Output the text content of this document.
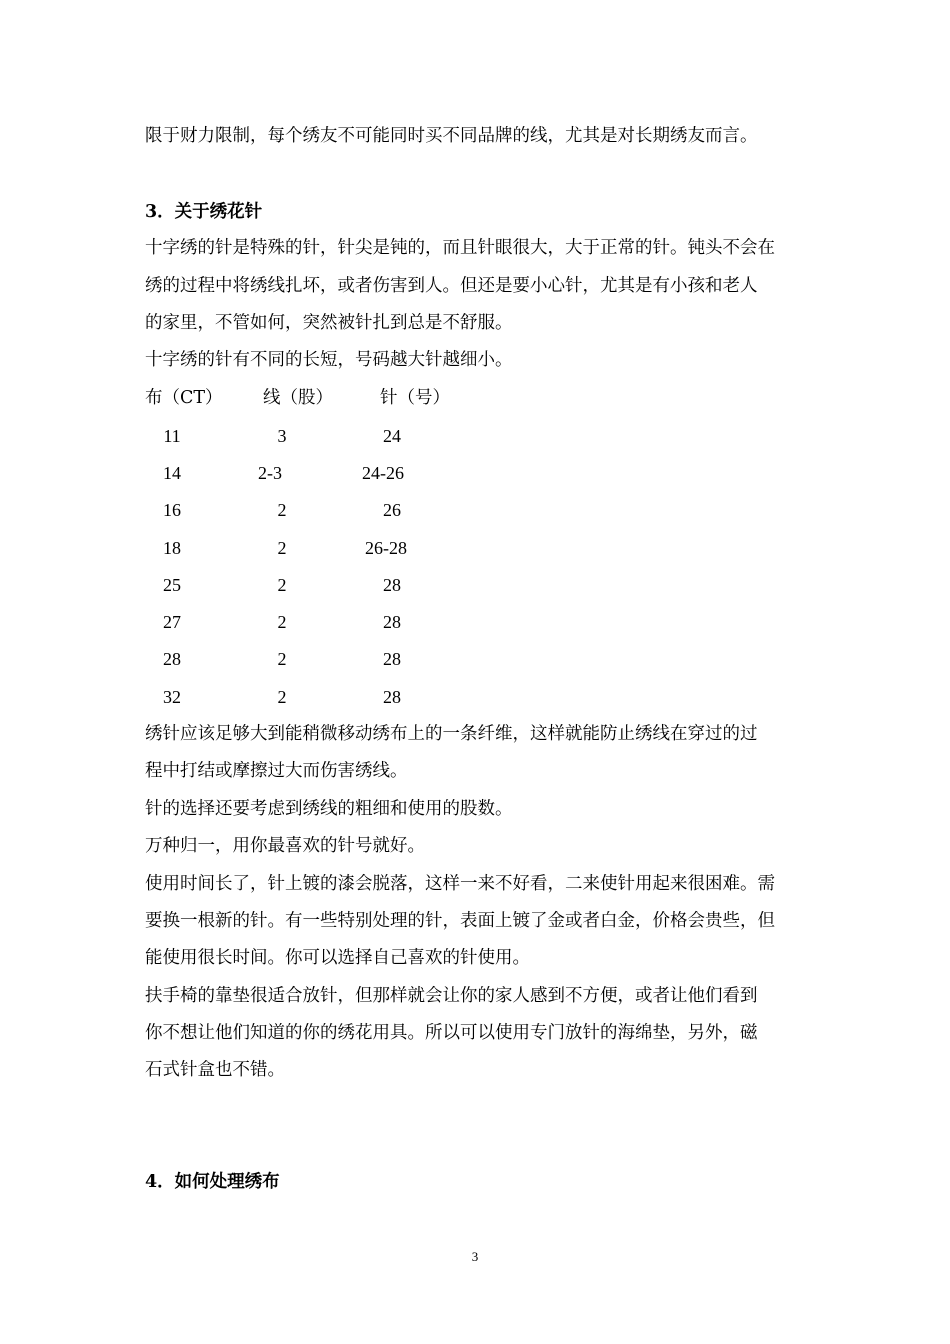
限于财力限制，每个绣友不可能同时买不同品牌的线，尤其是对长期绣友而言。
3．关于绣花针
十字绣的针是特殊的针，针尖是钝的，而且针眼很大，大于正常的针。钝头不会在
绣的过程中将绣线扎坏，或者伤害到人。但还是要小心针，尤其是有小孩和老人
的家里，不管如何，突然被针扎到总是不舒服。
十字绣的针有不同的长短，号码越大针越细小。
布（CT） 线（股）	针（号）
11	3	24
14	2-3	24-26
16	2	26
18	2	26-28
25	2	28
27	2	28
28	2	28
32	2	28
绣针应该足够大到能稍微移动绣布上的一条纤维，这样就能防止绣线在穿过的过
程中打结或摩擦过大而伤害绣线。
针的选择还要考虑到绣线的粗细和使用的股数。
万种归一，用你最喜欢的针号就好。
使用时间长了，针上镀的漆会脱落，这样一来不好看，二来使针用起来很困难。需
要换一根新的针。有一些特别处理的针，表面上镀了金或者白金，价格会贵些，但
能使用很长时间。你可以选择自己喜欢的针使用。
扶手椅的靠垫很适合放针，但那样就会让你的家人感到不方便，或者让他们看到
你不想让他们知道的你的绣花用具。所以可以使用专门放针的海绵垫，另外，磁
石式针盒也不错。
4．如何处理绣布
3
